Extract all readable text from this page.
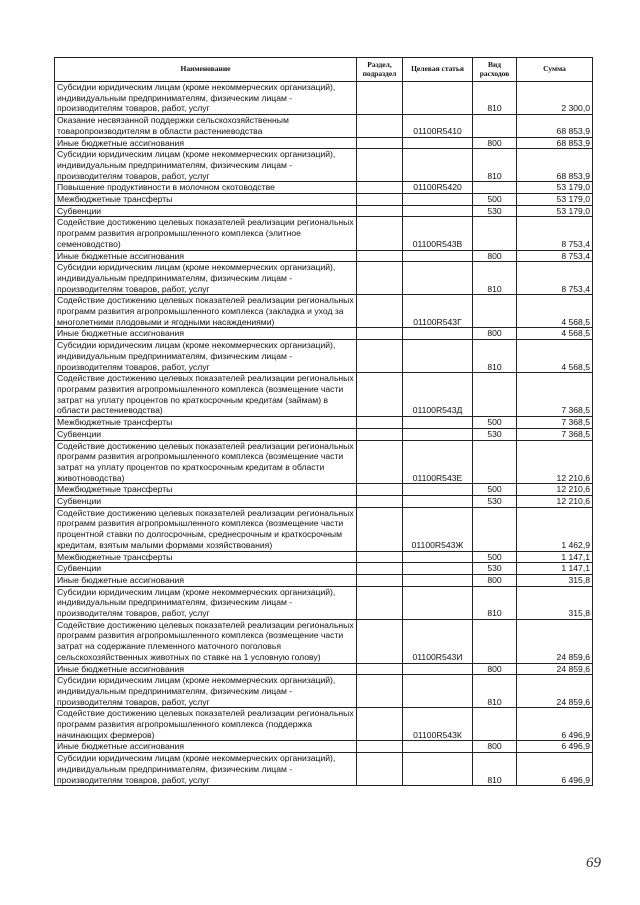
Наименование	Раздел, подраздел	Целевая статья	Вид расходов	Сумма
Субсидии юридическим лицам (кроме некоммерческих организаций), индивидуальным предпринимателям, физическим лицам - производителям товаров, работ, услуг			810	2 300,0
Оказание несвязанной поддержки сельскохозяйственным товаропроизводителям в области растениеводства		01100R5410		68 853,9
Иные бюджетные ассигнования			800	68 853,9
Субсидии юридическим лицам (кроме некоммерческих организаций), индивидуальным предпринимателям, физическим лицам - производителям товаров, работ, услуг			810	68 853,9
Повышение продуктивности в молочном скотоводстве		01100R5420		53 179,0
Межбюджетные трансферты			500	53 179,0
Субвенции			530	53 179,0
Содействие достижению целевых показателей реализации региональных программ развития агропромышленного комплекса (элитное семеноводство)		01100R543В		8 753,4
Иные бюджетные ассигнования			800	8 753,4
Субсидии юридическим лицам (кроме некоммерческих организаций), индивидуальным предпринимателям, физическим лицам - производителям товаров, работ, услуг			810	8 753,4
Содействие достижению целевых показателей реализации региональных программ развития агропромышленного комплекса (закладка и уход за многолетними плодовыми и ягодными насаждениями)		01100R543Г		4 568,5
Иные бюджетные ассигнования			800	4 568,5
Субсидии юридическим лицам (кроме некоммерческих организаций), индивидуальным предпринимателям, физическим лицам - производителям товаров, работ, услуг			810	4 568,5
Содействие достижению целевых показателей реализации региональных программ развития агропромышленного комплекса (возмещение части затрат на уплату процентов по краткосрочным кредитам (займам) в области растениеводства)		01100R543Д		7 368,5
Межбюджетные трансферты			500	7 368,5
Субвенции			530	7 368,5
Содействие достижению целевых показателей реализации региональных программ развития агропромышленного комплекса (возмещение части затрат на уплату процентов по краткосрочным кредитам в области животноводства)		01100R543Е		12 210,6
Межбюджетные трансферты			500	12 210,6
Субвенции			530	12 210,6
Содействие достижению целевых показателей реализации региональных программ развития агропромышленного комплекса (возмещение части процентной ставки по долгосрочным, среднесрочным и краткосрочным кредитам, взятым малыми формами хозяйствования)		01100R543Ж		1 462,9
Межбюджетные трансферты			500	1 147,1
Субвенции			530	1 147,1
Иные бюджетные ассигнования			800	315,8
Субсидии юридическим лицам (кроме некоммерческих организаций), индивидуальным предпринимателям, физическим лицам - производителям товаров, работ, услуг			810	315,8
Содействие достижению целевых показателей реализации региональных программ развития агропромышленного комплекса (возмещение части затрат на содержание племенного маточного поголовья сельскохозяйственных животных по ставке на 1 условную голову)		01100R543И		24 859,6
Иные бюджетные ассигнования			800	24 859,6
Субсидии юридическим лицам (кроме некоммерческих организаций), индивидуальным предпринимателям, физическим лицам - производителям товаров, работ, услуг			810	24 859,6
Содействие достижению целевых показателей реализации региональных программ развития агропромышленного комплекса (поддержка начинающих фермеров)		01100R543К		6 496,9
Иные бюджетные ассигнования			800	6 496,9
Субсидии юридическим лицам (кроме некоммерческих организаций), индивидуальным предпринимателям, физическим лицам - производителям товаров, работ, услуг			810	6 496,9
69
